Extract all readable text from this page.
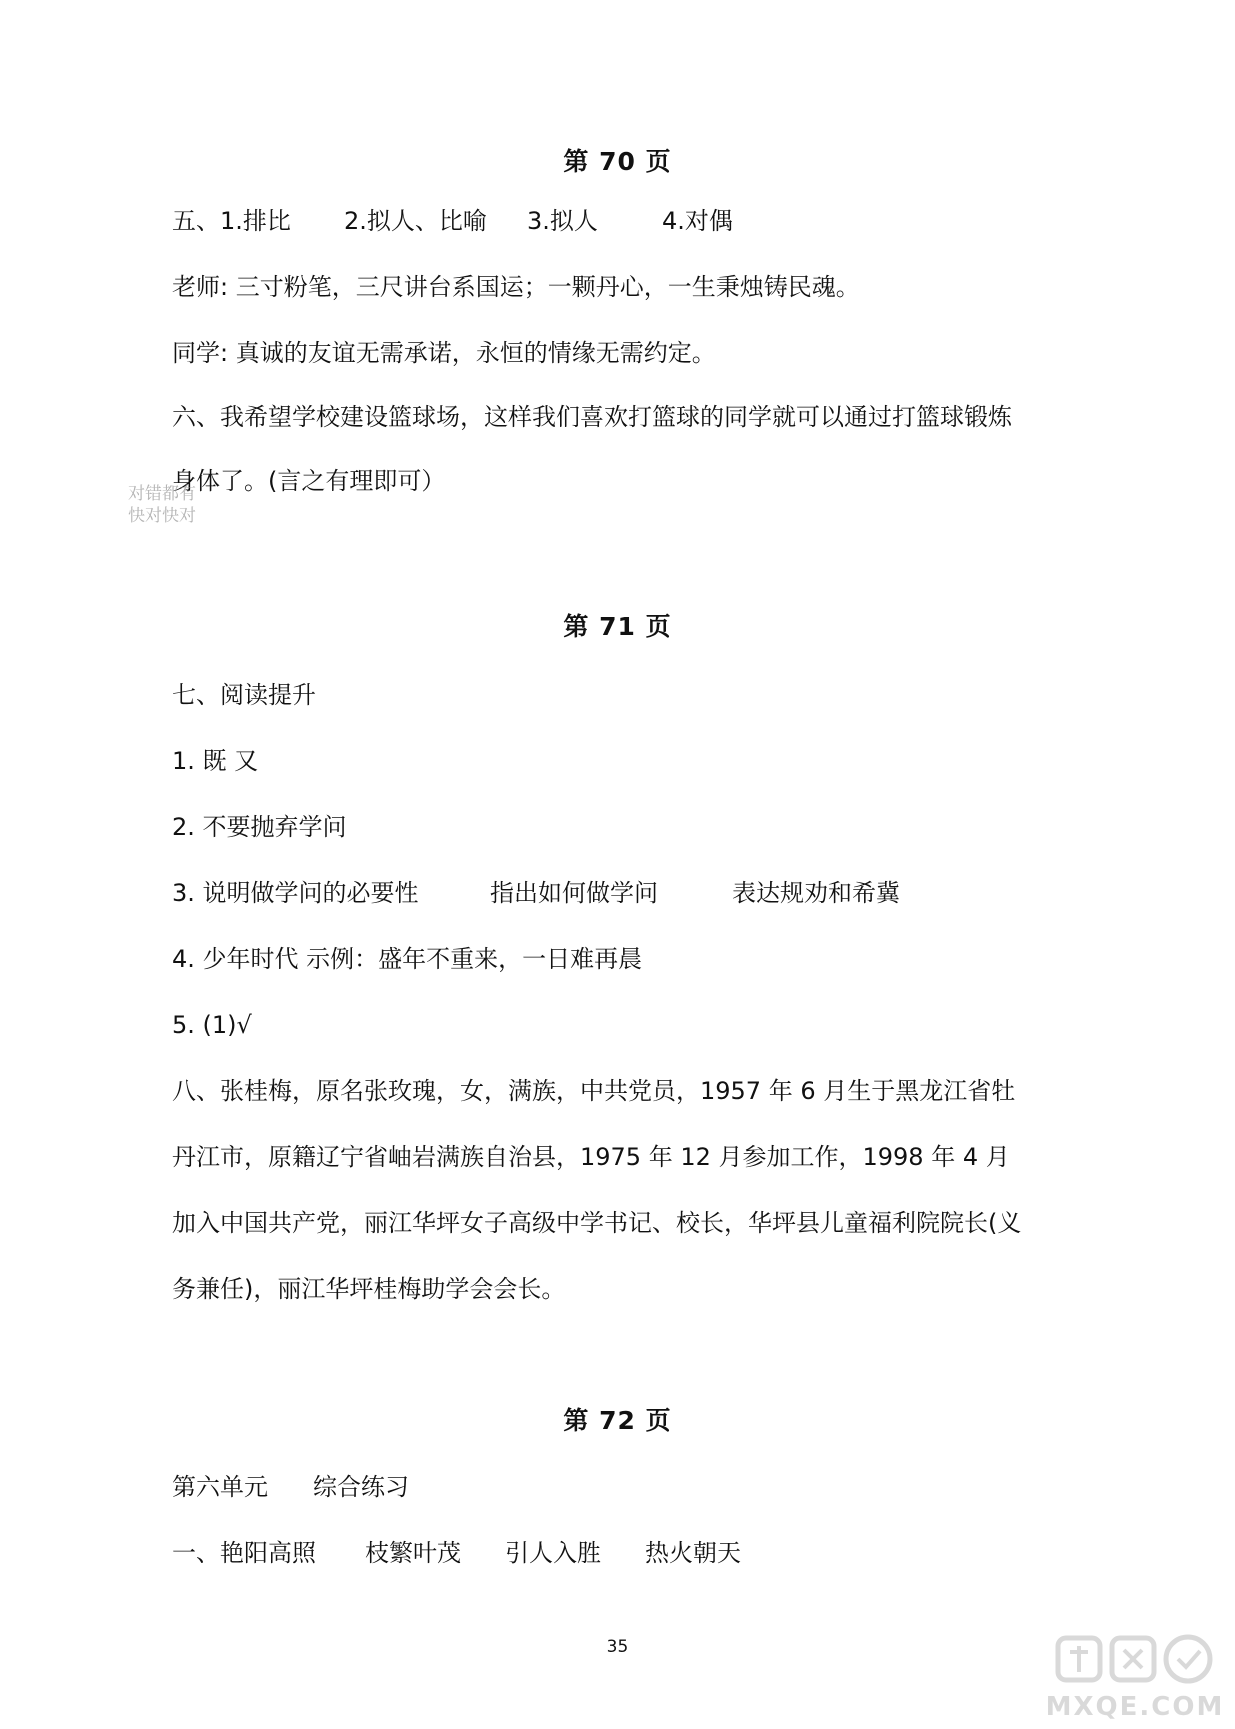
第 70 页
五、1.排比 2.拟人、比喻 3.拟人	4.对偶
老师: 三寸粉笔，三尺讲台系国运；一颗丹心，一生秉烛铸民魂。
同学: 真诚的友谊无需承诺，永恒的情缘无需约定。
六、我希望学校建设篮球场，这样我们喜欢打篮球的同学就可以通过打篮球锻炼
身体了。(言之有理即可）
对错都有
快对快对
第 71 页
七、阅读提升
1. 既 又
2. 不要抛弃学问
3. 说明做学问的必要性	指出如何做学问	表达规劝和希冀
4. 少年时代 示例：盛年不重来，一日难再晨
5. (1)√
八、张桂梅，原名张玫瑰，女，满族，中共党员，1957 年 6 月生于黑龙江省牡
丹江市，原籍辽宁省岫岩满族自治县，1975 年 12 月参加工作，1998 年 4 月
加入中国共产党，丽江华坪女子高级中学书记、校长，华坪县儿童福利院院长(义
务兼任)，丽江华坪桂梅助学会会长。
第 72 页
第六单元 综合练习
一、艳阳高照 枝繁叶茂 引人入胜 热火朝天
35
MXQE.COM
